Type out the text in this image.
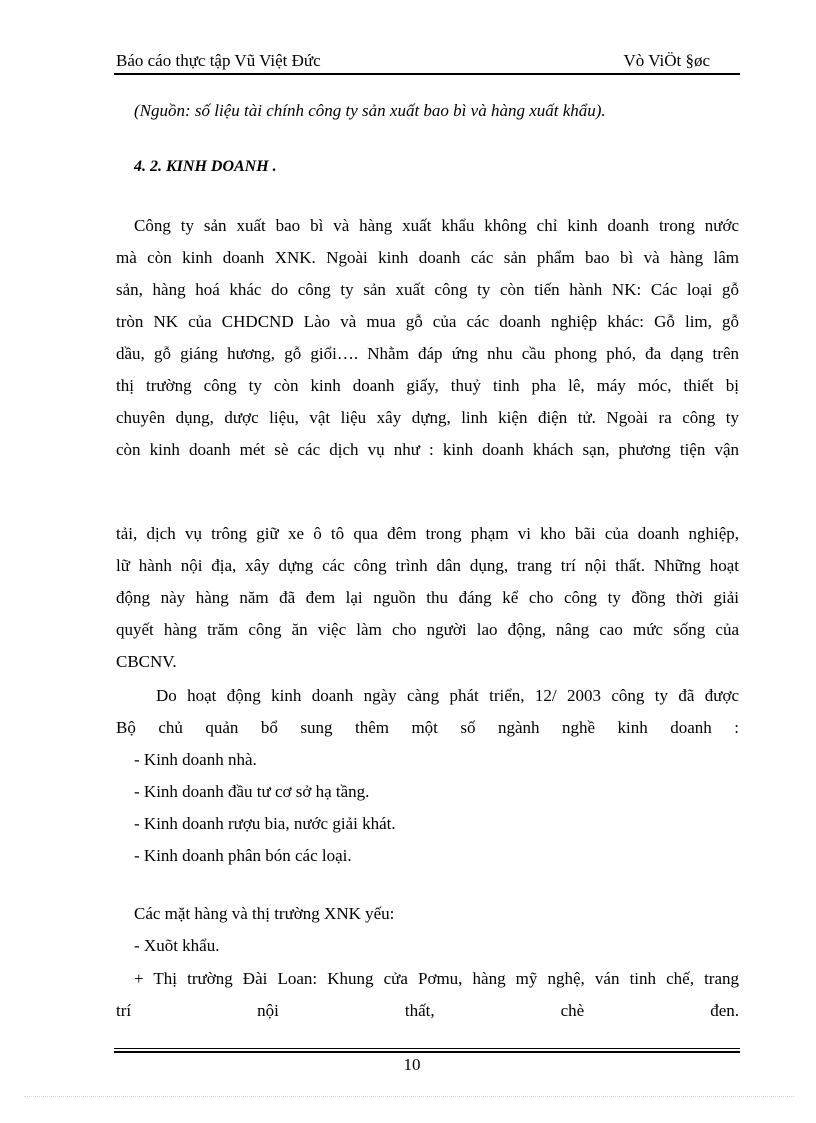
Báo cáo thực tập Vũ Việt Đức	Vò ViÖt §øc
(Nguồn: số liệu tài chính công ty sản xuất bao bì và hàng xuất khẩu).
4. 2. KINH DOANH .
Công ty sản xuất bao bì và hàng xuất khẩu không chỉ kinh doanh trong nước
mà còn kinh doanh XNK. Ngoài kinh doanh các sản phẩm bao bì và hàng lâm
sản, hàng hoá khác do công ty sản xuất công ty còn tiến hành NK: Các loại gỗ
tròn NK của CHDCND Lào và mua gỗ của các doanh nghiệp khác: Gỗ lim, gỗ
dầu, gỗ giáng hương, gỗ giổi…. Nhằm đáp ứng nhu cầu phong phó, đa dạng trên
thị trường công ty còn kinh doanh giấy, thuỷ tinh pha lê, máy móc, thiết bị
chuyên dụng, dược liệu, vật liệu xây dựng, linh kiện điện tử. Ngoài ra công ty
còn kinh doanh mét sè các dịch vụ như : kinh doanh khách sạn, phương tiện vận
tải, dịch vụ trông giữ xe ô tô qua đêm trong phạm vi kho bãi của doanh nghiệp,
lữ hành nội địa, xây dựng các công trình dân dụng, trang trí nội thất. Những hoạt
động này hàng năm đã đem lại nguồn thu đáng kể cho công ty đồng thời giải
quyết hàng trăm công ăn việc làm cho người lao động, nâng cao mức sống của
CBCNV.
Do hoạt động kinh doanh ngày càng phát triển, 12/ 2003 công ty đã được
Bộ chủ quản bổ sung thêm một số ngành nghề kinh doanh :
- Kinh doanh nhà.
- Kinh doanh đầu tư cơ sở hạ tầng.
- Kinh doanh rượu bia, nước giải khát.
- Kinh doanh phân bón các loại.
Các mặt hàng và thị trường XNK yếu:
- Xuõt khẩu.
+ Thị trường Đài Loan: Khung cửa Pơmu, hàng mỹ nghệ, ván tinh chế, trang
trí nội thất, chè đen.
10
